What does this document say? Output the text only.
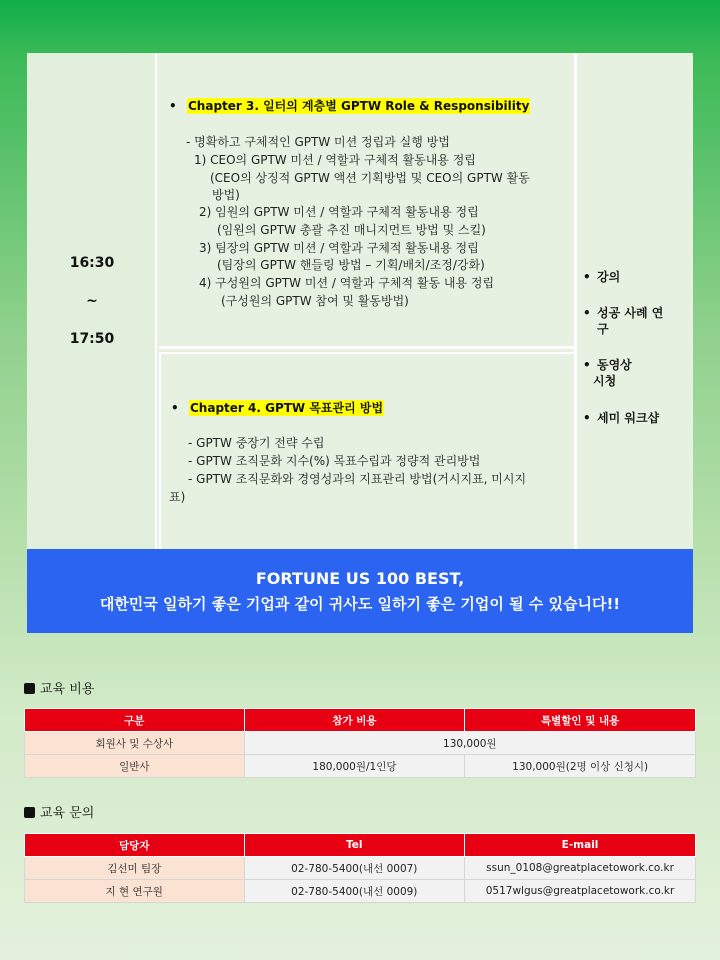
16:30
~
17:50
• Chapter 3. 일터의 계층별 GPTW Role & Responsibility
- 명확하고 구체적인 GPTW 미션 정립과 실행 방법
1) CEO의 GPTW 미션 / 역할과 구체적 활동내용 정립
(CEO의 상징적 GPTW 액션 기획방법 및 CEO의 GPTW 활동
방법)
2) 임원의 GPTW 미션 / 역할과 구체적 활동내용 정립
(임원의 GPTW 총괄 추진 매니지먼트 방법 및 스킬)
3) 팀장의 GPTW 미션 / 역할과 구체적 활동내용 정립
(팀장의 GPTW 핸들링 방법 – 기획/배치/조정/강화)
4) 구성원의 GPTW 미션 / 역할과 구체적 활동 내용 정립
(구성원의 GPTW 참여 및 활동방법)
• Chapter 4. GPTW 목표관리 방법
- GPTW 중장기 전략 수립
- GPTW 조직문화 지수(%) 목표수립과 정량적 관리방법
- GPTW 조직문화와 경영성과의 지표관리 방법(거시지표, 미시지
표)
• 강의
• 성공 사례 연
구
• 동영상
시청
• 세미 워크샵
FORTUNE US 100 BEST,
대한민국 일하기 좋은 기업과 같이 귀사도 일하기 좋은 기업이 될 수 있습니다!!
교육 비용
구분	참가 비용	특별할인 및 내용
회원사 및 수상사	130,000원	
일반사	180,000원/1인당	130,000원(2명 이상 신청시)
교육 문의
담당자	Tel	E-mail
김선미 팀장	02-780-5400(내선 0007)	ssun_0108@greatplacetowork.co.kr
지 현 연구원	02-780-5400(내선 0009)	0517wlgus@greatplacetowork.co.kr
